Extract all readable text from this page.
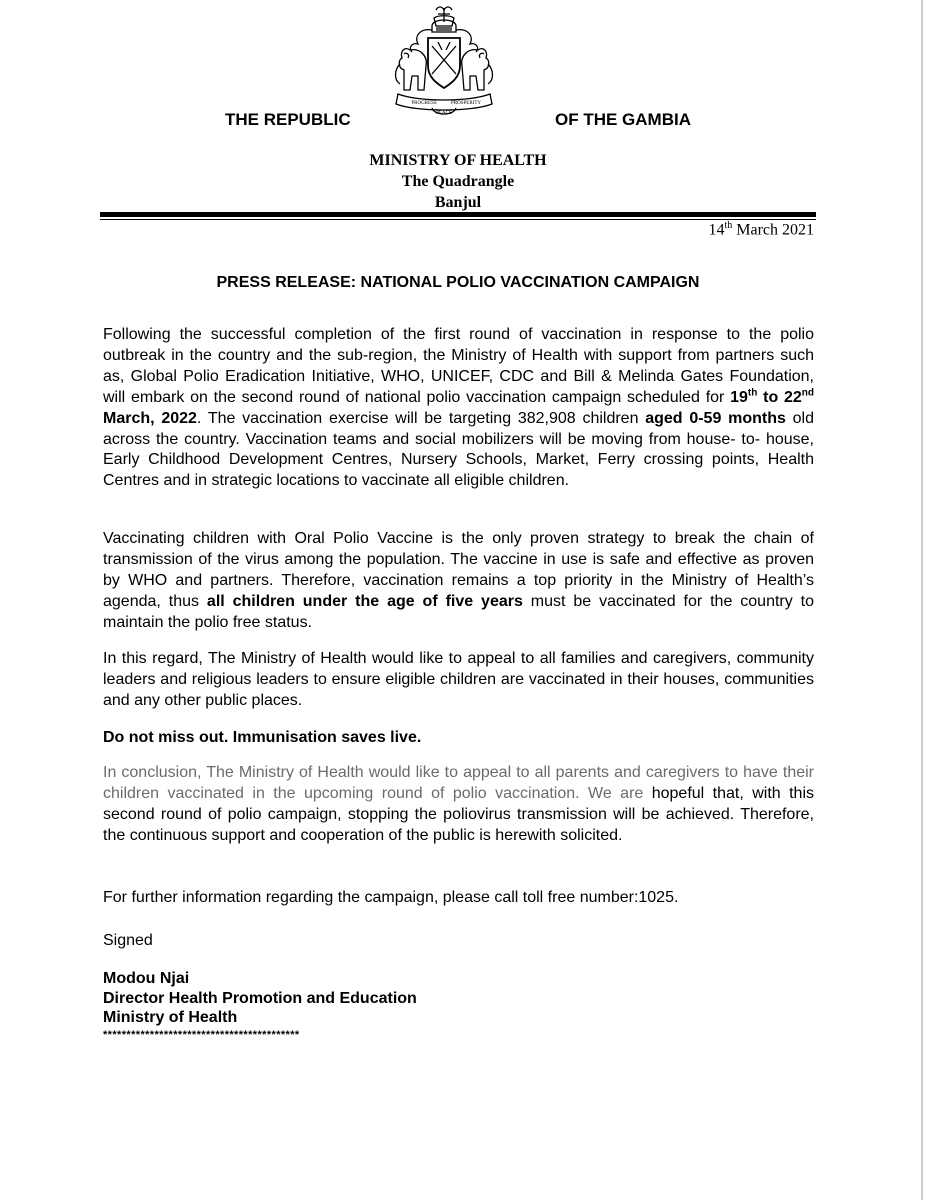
PROGRESS	PROSPERITY
PEACE
THE REPUBLIC	OF THE GAMBIA
MINISTRY OF HEALTH
The Quadrangle
Banjul
14th March 2021
PRESS RELEASE: NATIONAL POLIO VACCINATION CAMPAIGN
Following the successful completion of the first round of vaccination in response to the polio outbreak in the country and the sub-region, the Ministry of Health with support from partners such as, Global Polio Eradication Initiative, WHO, UNICEF, CDC and Bill & Melinda Gates Foundation, will embark on the second round of national polio vaccination campaign scheduled for 19th to 22nd March, 2022. The vaccination exercise will be targeting 382,908 children aged 0-59 months old across the country. Vaccination teams and social mobilizers will be moving from house- to- house, Early Childhood Development Centres, Nursery Schools, Market, Ferry crossing points, Health Centres and in strategic locations to vaccinate all eligible children.
Vaccinating children with Oral Polio Vaccine is the only proven strategy to break the chain of transmission of the virus among the population. The vaccine in use is safe and effective as proven by WHO and partners. Therefore, vaccination remains a top priority in the Ministry of Health’s agenda, thus all children under the age of five years must be vaccinated for the country to maintain the polio free status.
In this regard, The Ministry of Health would like to appeal to all families and caregivers, community leaders and religious leaders to ensure eligible children are vaccinated in their houses, communities and any other public places.
Do not miss out. Immunisation saves live.
In conclusion, The Ministry of Health would like to appeal to all parents and caregivers to have their children vaccinated in the upcoming round of polio vaccination. We are hopeful that, with this second round of polio campaign, stopping the poliovirus transmission will be achieved. Therefore, the continuous support and cooperation of the public is herewith solicited.
For further information regarding the campaign, please call toll free number:1025.
Signed
Modou Njai
Director Health Promotion and Education
Ministry of Health
******************************************
